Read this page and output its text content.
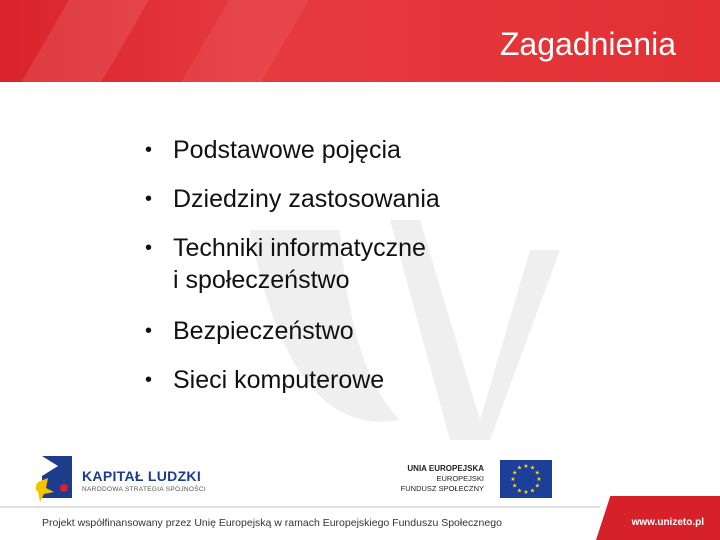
Zagadnienia
• Podstawowe pojęcia
• Dziedziny zastosowania
• Techniki informatyczne
i społeczeństwo
• Bezpieczeństwo
• Sieci komputerowe
KAPITAŁ LUDZKI
NARODOWA STRATEGIA SPÓJNOŚCI
UNIA EUROPEJSKA
EUROPEJSKI
FUNDUSZ SPOŁECZNY
★ ★
★
★
★
★
★
★
★
★
★
★
Projekt współfinansowany przez Unię Europejską w ramach Europejskiego Funduszu Społecznego	www.unizeto.pl
